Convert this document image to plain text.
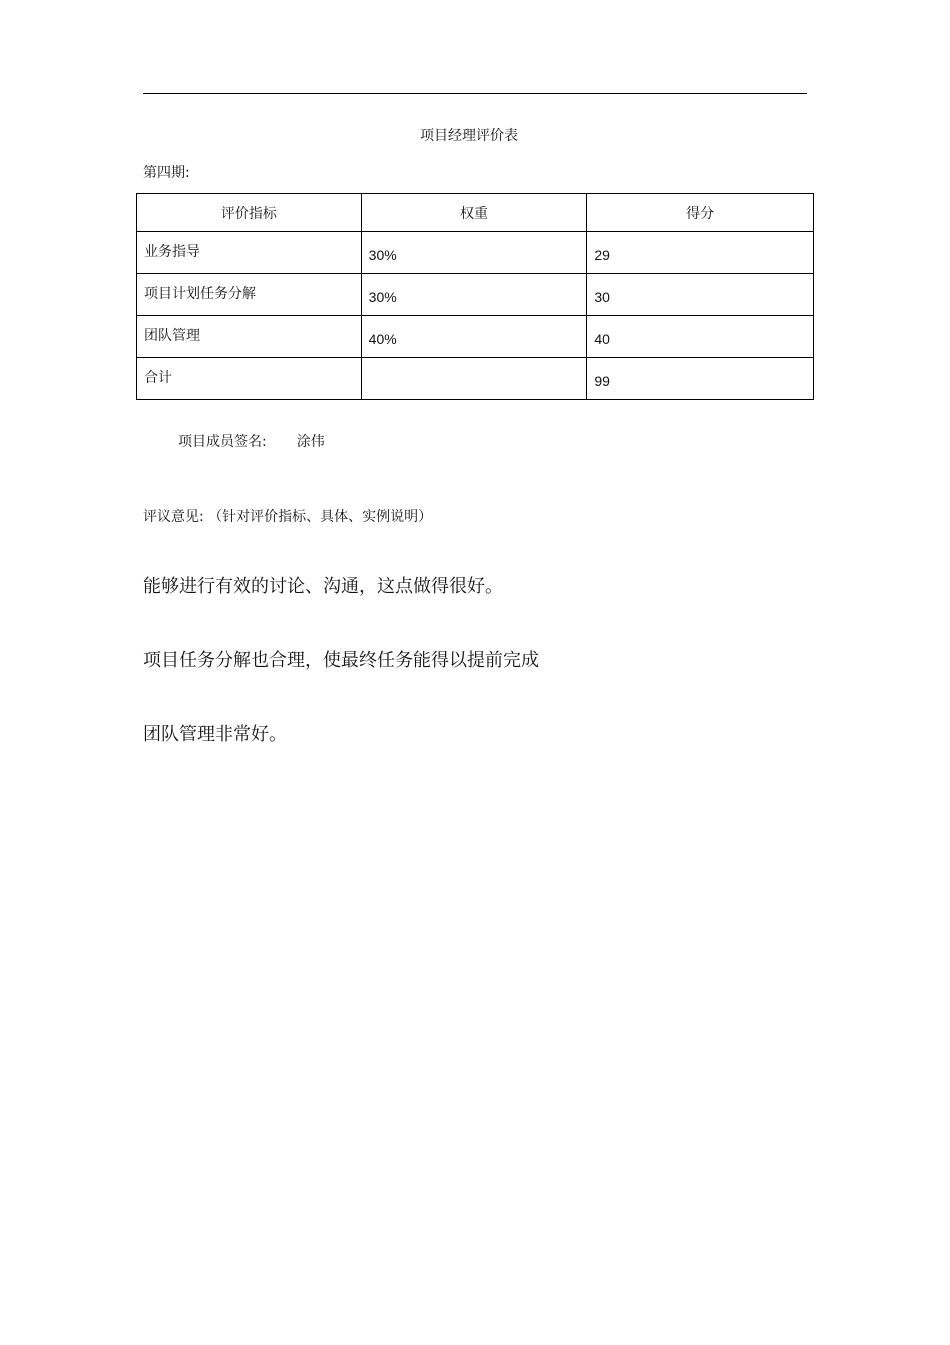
项目经理评价表
第四期:
评价指标	权重	得分
业务指导	30%	29
项目计划任务分解	30%	30
团队管理	40%	40
合计		99
项目成员签名: 涂伟
评议意见: （针对评价指标、具体、实例说明）
能够进行有效的讨论、沟通，这点做得很好。
项目任务分解也合理，使最终任务能得以提前完成
团队管理非常好。
